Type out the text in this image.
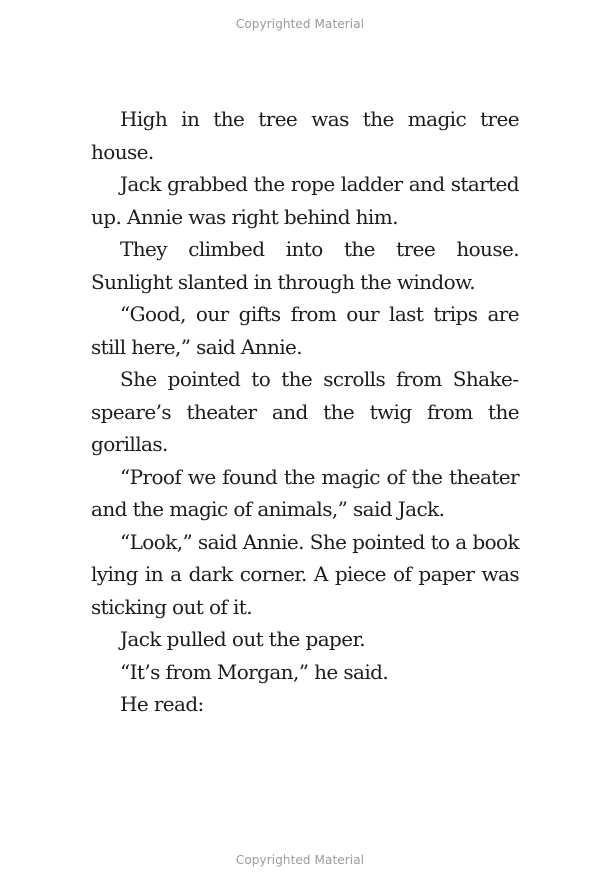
Copyrighted Material

High in the tree was the magic tree house.

Jack grabbed the rope ladder and started up. Annie was right behind him.

They climbed into the tree house. Sunlight slanted in through the window.

“Good, our gifts from our last trips are still here,” said Annie.

She pointed to the scrolls from Shakespeare’s theater and the twig from the gorillas.

“Proof we found the magic of the theater and the magic of animals,” said Jack.

“Look,” said Annie. She pointed to a book lying in a dark corner. A piece of paper was sticking out of it.

Jack pulled out the paper.

“It’s from Morgan,” he said.

He read:

Copyrighted Material
